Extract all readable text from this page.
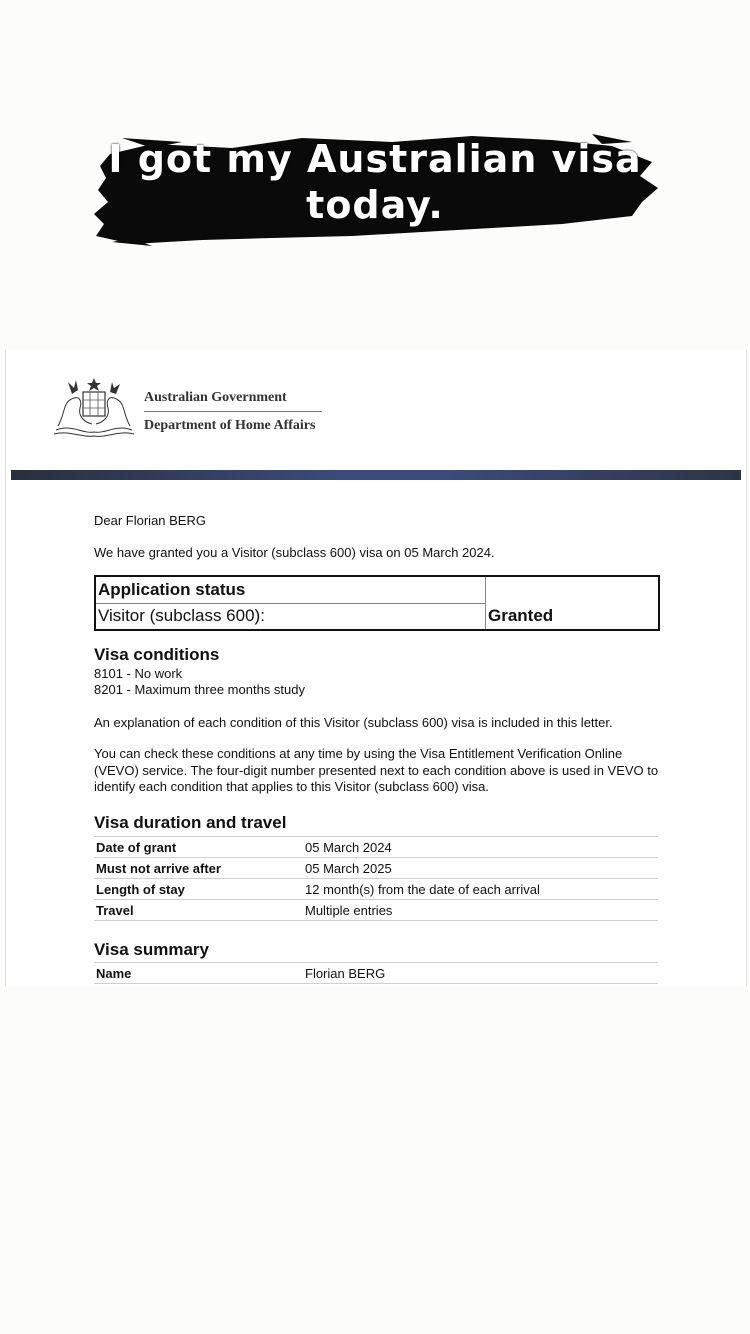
I got my Australian visa
today.
Australian Government
Department of Home Affairs
Dear Florian BERG
We have granted you a Visitor (subclass 600) visa on 05 March 2024.
Application status
Visitor (subclass 600):	Granted
Visa conditions
8101 - No work
8201 - Maximum three months study
An explanation of each condition of this Visitor (subclass 600) visa is included in this letter.
You can check these conditions at any time by using the Visa Entitlement Verification Online (VEVO) service. The four-digit number presented next to each condition above is used in VEVO to identify each condition that applies to this Visitor (subclass 600) visa.
Visa duration and travel
Date of grant	05 March 2024
Must not arrive after	05 March 2025
Length of stay	12 month(s) from the date of each arrival
Travel	Multiple entries
Visa summary
Name	Florian BERG
